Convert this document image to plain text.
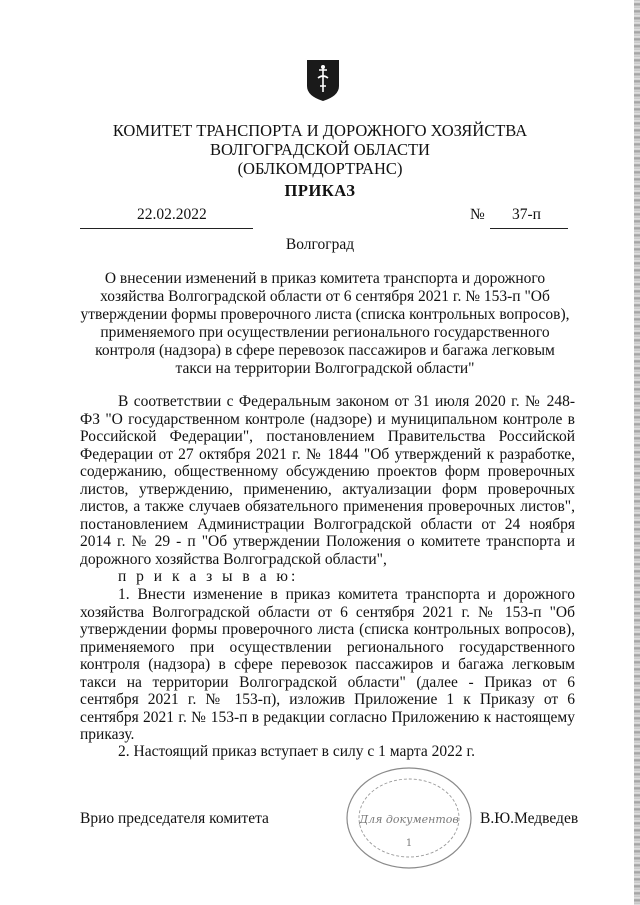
КОМИТЕТ ТРАНСПОРТА И ДОРОЖНОГО ХОЗЯЙСТВА
ВОЛГОГРАДСКОЙ ОБЛАСТИ
(ОБЛКОМДОРТРАНС)
ПРИКАЗ
22.02.2022	№ 37-п
Волгоград
О внесении изменений в приказ комитета транспорта и дорожного хозяйства Волгоградской области от 6 сентября 2021 г. № 153-п "Об утверждении формы проверочного листа (списка контрольных вопросов), применяемого при осуществлении регионального государственного контроля (надзора) в сфере перевозок пассажиров и багажа легковым такси на территории Волгоградской области"
В соответствии с Федеральным законом от 31 июля 2020 г. № 248-ФЗ "О государственном контроле (надзоре) и муниципальном контроле в Российской Федерации", постановлением Правительства Российской Федерации от 27 октября 2021 г. № 1844 "Об утверждений к разработке, содержанию, общественному обсуждению проектов форм проверочных листов, утверждению, применению, актуализации форм проверочных листов, а также случаев обязательного применения проверочных листов", постановлением Администрации Волгоградской области от 24 ноября 2014 г. № 29 - п "Об утверждении Положения о комитете транспорта и дорожного хозяйства Волгоградской области",
п р и к а з ы в а ю:
1. Внести изменение в приказ комитета транспорта и дорожного хозяйства Волгоградской области от 6 сентября 2021 г. № 153-п "Об утверждении формы проверочного листа (списка контрольных вопросов), применяемого при осуществлении регионального государственного контроля (надзора) в сфере перевозок пассажиров и багажа легковым такси на территории Волгоградской области" (далее - Приказ от 6 сентября 2021 г. № 153-п), изложив Приложение 1 к Приказу от 6 сентября 2021 г. № 153-п в редакции согласно Приложению к настоящему приказу.
2. Настоящий приказ вступает в силу с 1 марта 2022 г.
Врио председателя комитета	В.Ю.Медведев
Для документов
1
